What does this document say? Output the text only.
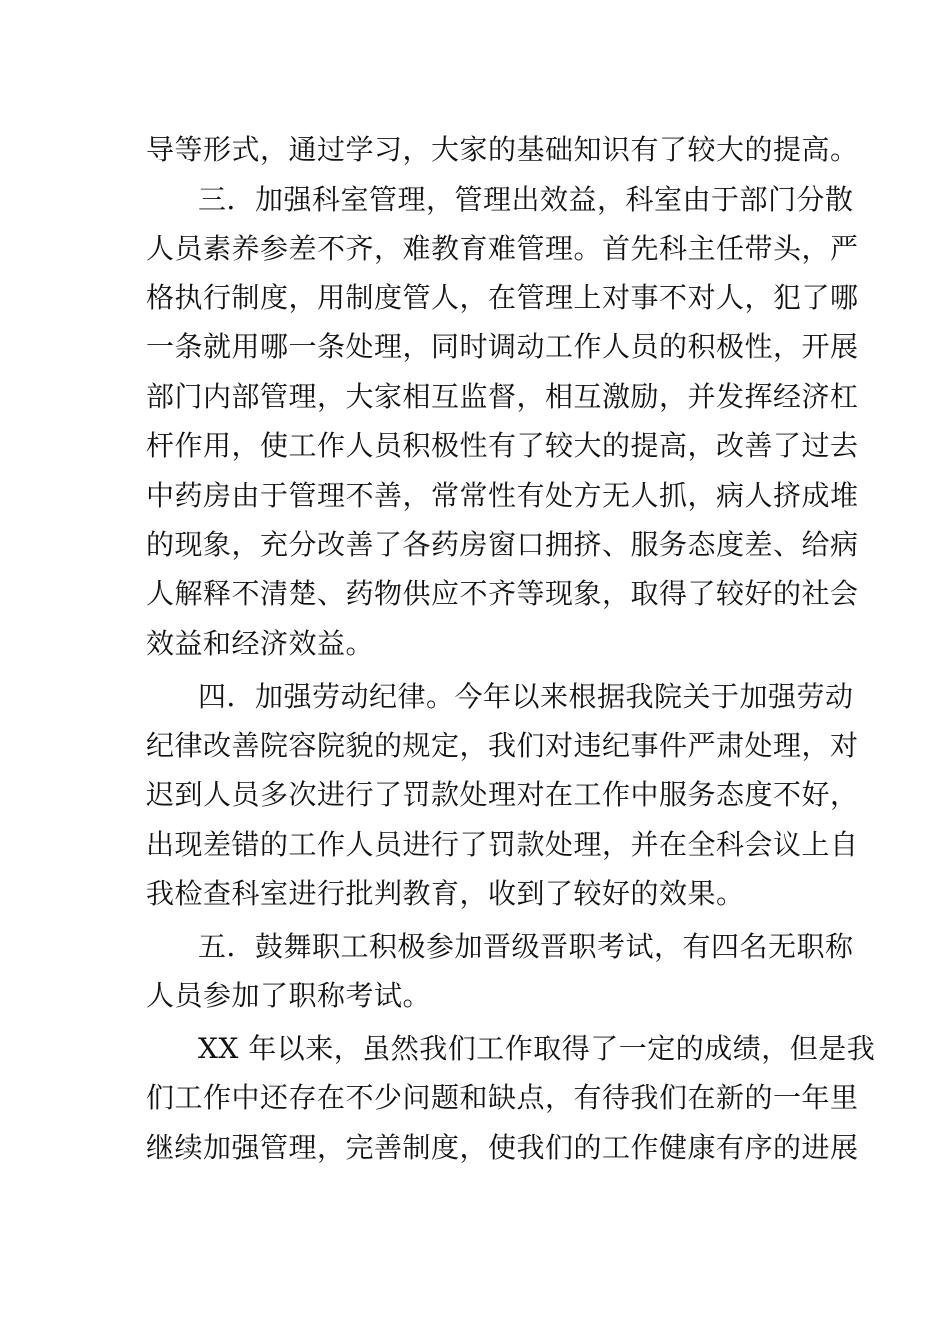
导等形式，通过学习，大家的基础知识有了较大的提高。
三．加强科室管理，管理出效益，科室由于部门分散
人员素养参差不齐，难教育难管理。首先科主任带头，严
格执行制度，用制度管人，在管理上对事不对人，犯了哪
一条就用哪一条处理，同时调动工作人员的积极性，开展
部门内部管理，大家相互监督，相互激励，并发挥经济杠
杆作用，使工作人员积极性有了较大的提高，改善了过去
中药房由于管理不善，常常性有处方无人抓，病人挤成堆
的现象，充分改善了各药房窗口拥挤、服务态度差、给病
人解释不清楚、药物供应不齐等现象，取得了较好的社会
效益和经济效益。
四．加强劳动纪律。今年以来根据我院关于加强劳动
纪律改善院容院貌的规定，我们对违纪事件严肃处理，对
迟到人员多次进行了罚款处理对在工作中服务态度不好，
出现差错的工作人员进行了罚款处理，并在全科会议上自
我检查科室进行批判教育，收到了较好的效果。
五．鼓舞职工积极参加晋级晋职考试，有四名无职称
人员参加了职称考试。
XX 年以来，虽然我们工作取得了一定的成绩，但是我
们工作中还存在不少问题和缺点，有待我们在新的一年里
继续加强管理，完善制度，使我们的工作健康有序的进展
